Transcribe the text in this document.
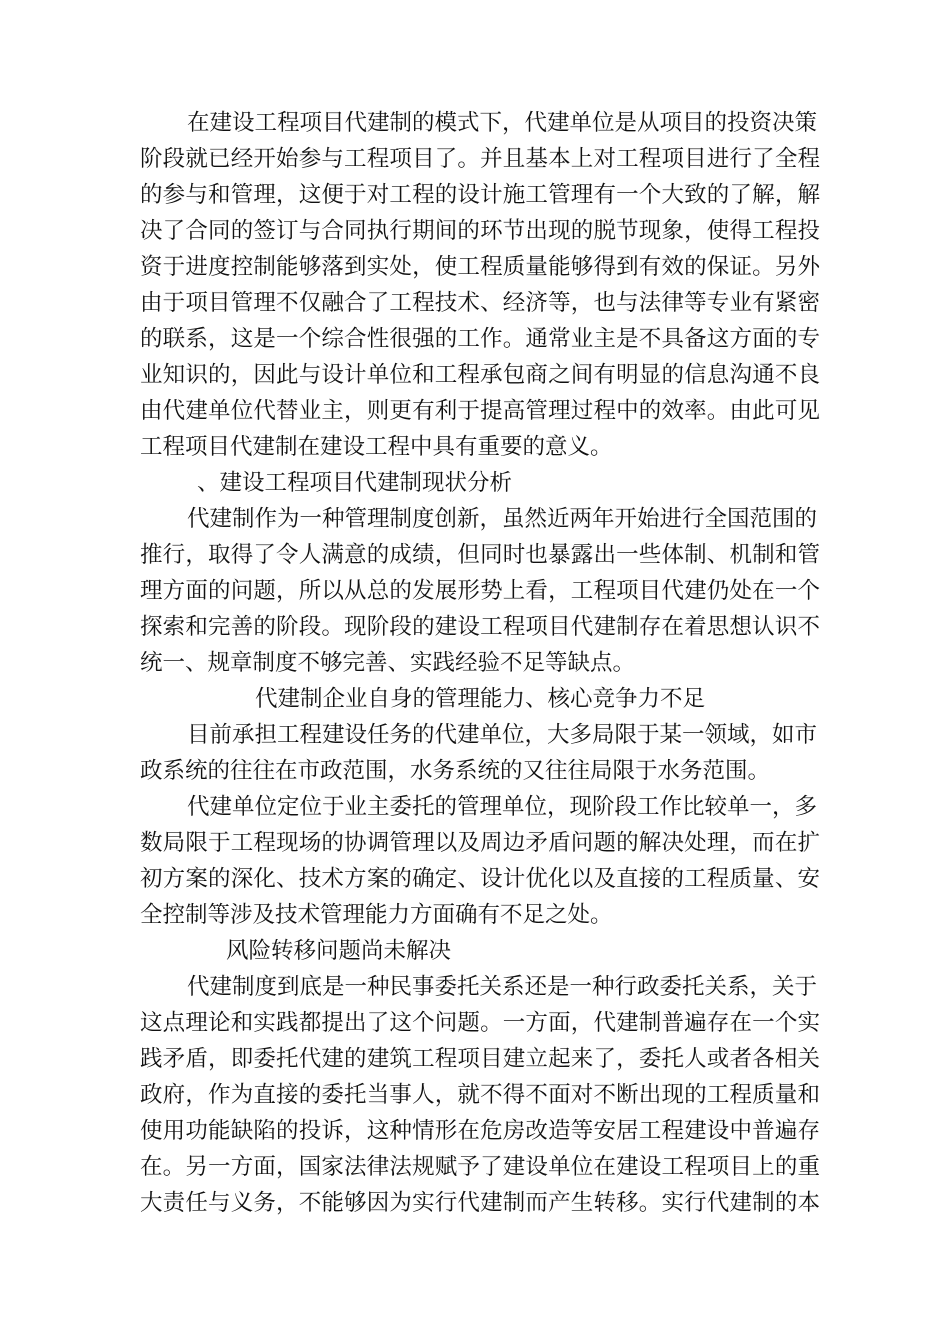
在建设工程项目代建制的模式下，代建单位是从项目的投资决策
阶段就已经开始参与工程项目了。并且基本上对工程项目进行了全程
的参与和管理，这便于对工程的设计施工管理有一个大致的了解，解
决了合同的签订与合同执行期间的环节出现的脱节现象，使得工程投
资于进度控制能够落到实处，使工程质量能够得到有效的保证。另外
由于项目管理不仅融合了工程技术、经济等，也与法律等专业有紧密
的联系，这是一个综合性很强的工作。通常业主是不具备这方面的专
业知识的，因此与设计单位和工程承包商之间有明显的信息沟通不良
由代建单位代替业主，则更有利于提高管理过程中的效率。由此可见
工程项目代建制在建设工程中具有重要的意义。
、建设工程项目代建制现状分析
代建制作为一种管理制度创新，虽然近两年开始进行全国范围的
推行，取得了令人满意的成绩，但同时也暴露出一些体制、机制和管
理方面的问题，所以从总的发展形势上看，工程项目代建仍处在一个
探索和完善的阶段。现阶段的建设工程项目代建制存在着思想认识不
统一、规章制度不够完善、实践经验不足等缺点。
代建制企业自身的管理能力、核心竞争力不足
目前承担工程建设任务的代建单位，大多局限于某一领域，如市
政系统的往往在市政范围，水务系统的又往往局限于水务范围。
代建单位定位于业主委托的管理单位，现阶段工作比较单一，多
数局限于工程现场的协调管理以及周边矛盾问题的解决处理，而在扩
初方案的深化、技术方案的确定、设计优化以及直接的工程质量、安
全控制等涉及技术管理能力方面确有不足之处。
风险转移问题尚未解决
代建制度到底是一种民事委托关系还是一种行政委托关系，关于
这点理论和实践都提出了这个问题。一方面，代建制普遍存在一个实
践矛盾，即委托代建的建筑工程项目建立起来了，委托人或者各相关
政府，作为直接的委托当事人，就不得不面对不断出现的工程质量和
使用功能缺陷的投诉，这种情形在危房改造等安居工程建设中普遍存
在。另一方面，国家法律法规赋予了建设单位在建设工程项目上的重
大责任与义务，不能够因为实行代建制而产生转移。实行代建制的本
